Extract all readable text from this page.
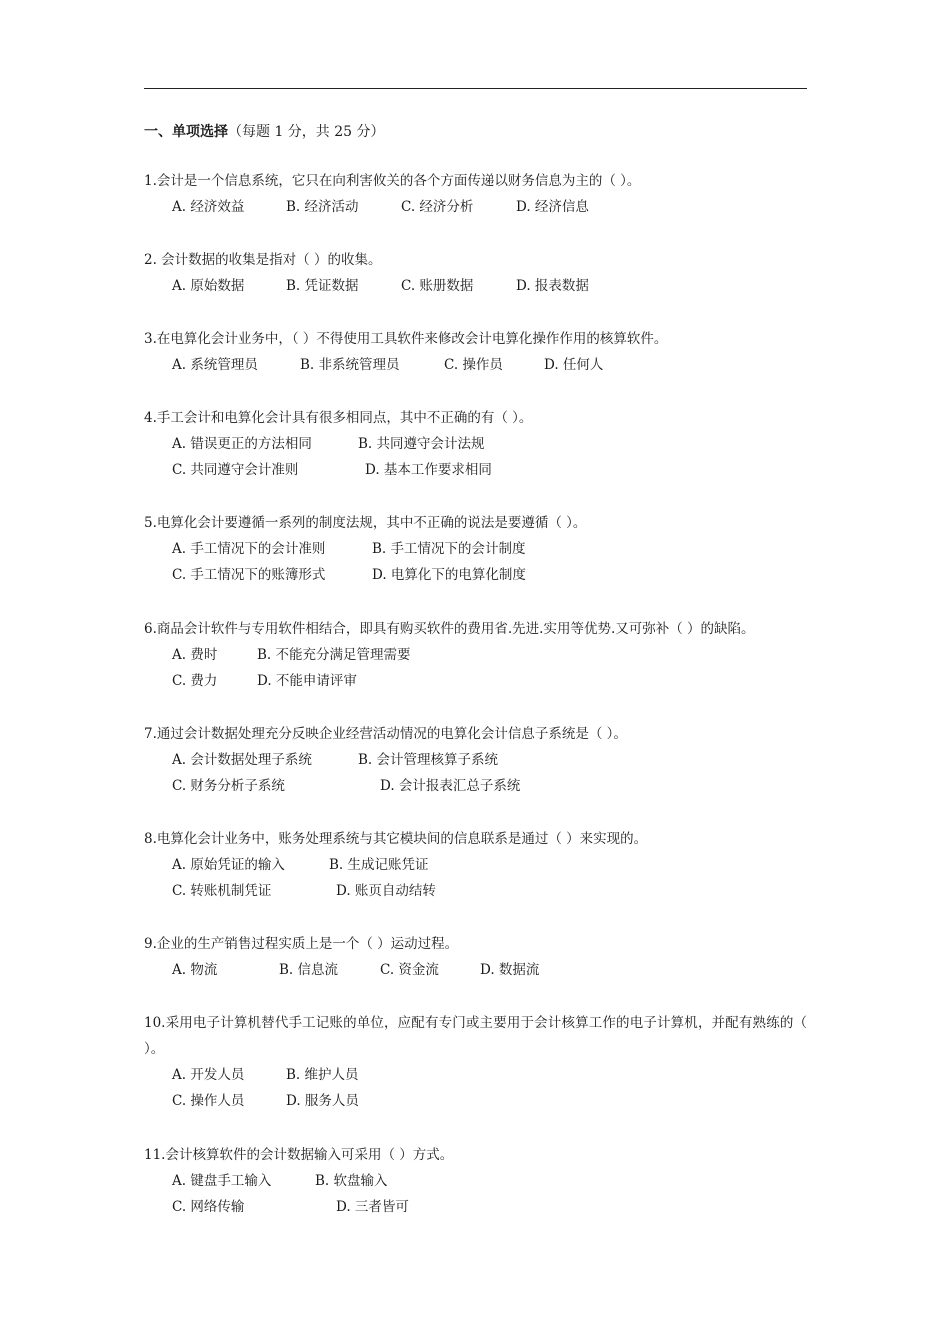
一、单项选择（每题 1 分，共 25 分）
1.会计是一个信息系统，它只在向利害攸关的各个方面传递以财务信息为主的（ ）。
A. 经济效益	B. 经济活动	C. 经济分析	D. 经济信息
2. 会计数据的收集是指对（ ）的收集。
A. 原始数据	B. 凭证数据	C. 账册数据	D. 报表数据
3.在电算化会计业务中，（ ）不得使用工具软件来修改会计电算化操作作用的核算软件。
A. 系统管理员	B. 非系统管理员	C. 操作员	D. 任何人
4.手工会计和电算化会计具有很多相同点，其中不正确的有（ ）。
A. 错误更正的方法相同	B. 共同遵守会计法规
C. 共同遵守会计准则	D. 基本工作要求相同
5.电算化会计要遵循一系列的制度法规，其中不正确的说法是要遵循（ ）。
A. 手工情况下的会计准则	B. 手工情况下的会计制度
C. 手工情况下的账簿形式	D. 电算化下的电算化制度
6.商品会计软件与专用软件相结合，即具有购买软件的费用省.先进.实用等优势.又可弥补（ ）的缺陷。
A. 费时	B. 不能充分满足管理需要
C. 费力	D. 不能申请评审
7.通过会计数据处理充分反映企业经营活动情况的电算化会计信息子系统是（ ）。
A. 会计数据处理子系统	B. 会计管理核算子系统
C. 财务分析子系统	D. 会计报表汇总子系统
8.电算化会计业务中，账务处理系统与其它模块间的信息联系是通过（ ）来实现的。
A. 原始凭证的输入	B. 生成记账凭证
C. 转账机制凭证	D. 账页自动结转
9.企业的生产销售过程实质上是一个（ ）运动过程。
A. 物流	B. 信息流	C. 资金流	D. 数据流
10.采用电子计算机替代手工记账的单位，应配有专门或主要用于会计核算工作的电子计算机，并配有熟练的（ ）。
A. 开发人员	B. 维护人员
C. 操作人员	D. 服务人员
11.会计核算软件的会计数据输入可采用（ ）方式。
A. 键盘手工输入	B. 软盘输入
C. 网络传输	D. 三者皆可
